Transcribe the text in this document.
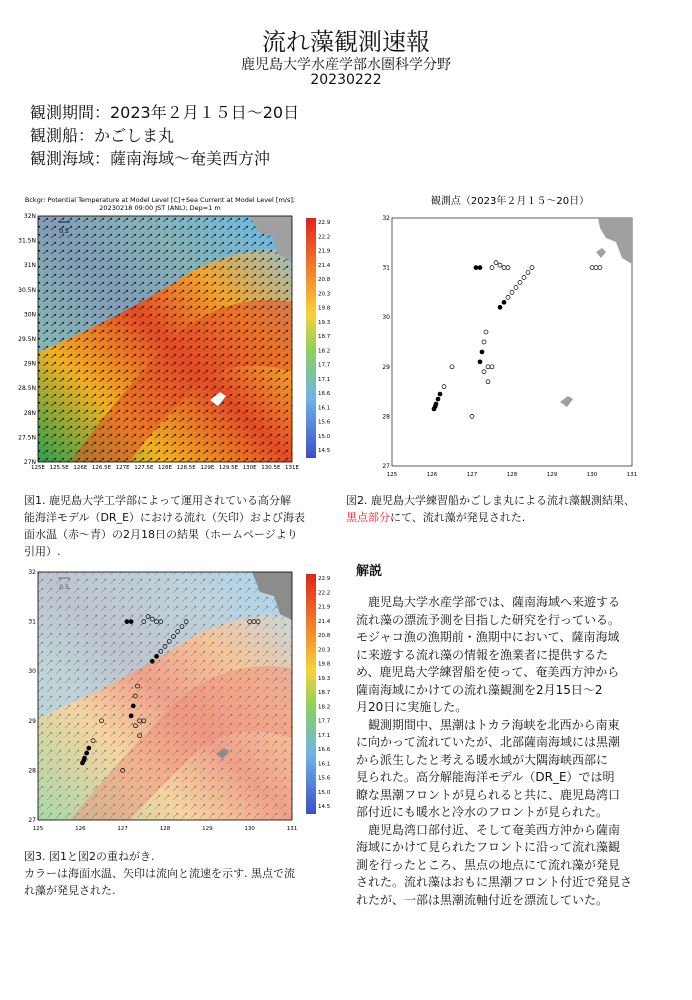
流れ藻観測速報
鹿児島大学水産学部水圏科学分野
20230222
観測期間：2023年２月１５日～20日
観測船：かごしま丸
観測海域：薩南海域～奄美西方沖
Bckgr: Potential Temperature at Model Level [C]+Sea Current at Model Level [m/s];
20230218 09:00 JST (ANL); Dep=1 m
0.5
32N
31.5N
31N
30.5N
30N
29.5N
29N
28.5N
28N
27.5N
27N
125E 125.5E 126E 126.5E 127E 127.5E 128E 128.5E 129E 129.5E 130E 130.5E 131E
22.9
22.2
21.9
21.4
20.8
20.3
19.8
19.3
18.7
18.2
17.7
17.1
16.6
16.1
15.6
15.0
14.5
図1. 鹿児島大学工学部によって運用されている高分解
能海洋モデル（DR_E）における流れ（矢印）および海表
面水温（赤～青）の2月18日の結果（ホームページより
引用）.
観測点（2023年２月１５～20日）
32
31
30
29
28
27
125	126	127	128	129	130	131
図2. 鹿児島大学練習船かごしま丸による流れ藻観測結果、
黒点部分にて、流れ藻が発見された.
0.5
32
31
30
29
28
27
125	126	127	128	129	130	131
22.9
22.2
21.9
21.4
20.8
20.3
19.8
19.3
18.7
18.2
17.7
17.1
16.6
16.1
15.6
15.0
14.5
図3. 図1と図2の重ねがき.
カラーは海面水温、矢印は流向と流速を示す. 黒点で流
れ藻が発見された.
解説

鹿児島大学水産学部では、薩南海域へ来遊する
流れ藻の漂流予測を目指した研究を行っている。
モジャコ漁の漁期前・漁期中において、薩南海域
に来遊する流れ藻の情報を漁業者に提供するた
め、鹿児島大学練習船を使って、奄美西方沖から
薩南海域にかけての流れ藻観測を2月15日～2
月20日に実施した。

観測期間中、黒潮はトカラ海峡を北西から南東
に向かって流れていたが、北部薩南海域には黒潮
から派生したと考える暖水域が大隅海峡西部に
見られた。高分解能海洋モデル（DR_E）では明
瞭な黒潮フロントが見られると共に、鹿児島湾口
部付近にも暖水と冷水のフロントが見られた。

鹿児島湾口部付近、そして奄美西方沖から薩南
海域にかけて見られたフロントに沿って流れ藻観
測を行ったところ、黒点の地点にて流れ藻が発見
された。流れ藻はおもに黒潮フロント付近で発見さ
れたが、一部は黒潮流軸付近を漂流していた。
